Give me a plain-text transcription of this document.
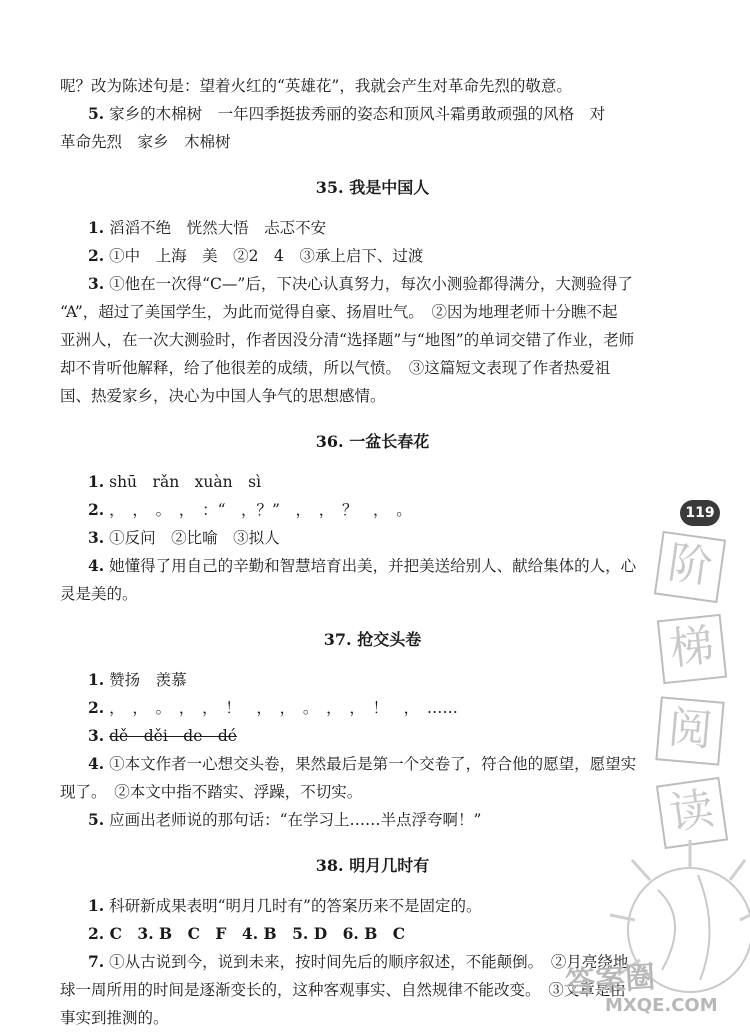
呢？改为陈述句是：望着火红的“英雄花”，我就会产生对革命先烈的敬意。
5. 家乡的木棉树　一年四季挺拔秀丽的姿态和顶风斗霜勇敢顽强的风格　对
革命先烈　家乡　木棉树
35. 我是中国人
1. 滔滔不绝　恍然大悟　忐忑不安
2. ①中　上海　美　②2　4　③承上启下、过渡
3. ①他在一次得“C—”后，下决心认真努力，每次小测验都得满分，大测验得了
“A”，超过了美国学生，为此而觉得自豪、扬眉吐气。　②因为地理老师十分瞧不起
亚洲人，在一次大测验时，作者因没分清“选择题”与“地图”的单词交错了作业，老师
却不肯听他解释，给了他很差的成绩，所以气愤。　③这篇短文表现了作者热爱祖
国、热爱家乡，决心为中国人争气的思想感情。
36. 一盆长春花
1. shū　rǎn　xuàn　sì
2. ，　，　。　，　：“　，？”　，　，　？　，　。
3. ①反问　②比喻　③拟人
4. 她懂得了用自己的辛勤和智慧培育出美，并把美送给别人、献给集体的人，心
灵是美的。
37. 抢交头卷
1. 赞扬　羡慕
2. ，　，　。　，　，　！　，　，　。　，　，　！　，　……
3. dě　děi　de　dé
4. ①本文作者一心想交头卷，果然最后是第一个交卷了，符合他的愿望，愿望实
现了。　②本文中指不踏实、浮躁，不切实。
5. 应画出老师说的那句话：“在学习上……半点浮夸啊！”
38. 明月几时有
1. 科研新成果表明“明月几时有”的答案历来不是固定的。
2. C　3. B　C　F　4. B　5. D　6. B　C
7. ①从古说到今，说到未来，按时间先后的顺序叙述，不能颠倒。　②月亮绕地
球一周所用的时间是逐渐变长的，这种客观事实、自然规律不能改变。　③文章是由
事实到推测的。
119
阶
梯
阅
读
答案圈
MXQE.COM
